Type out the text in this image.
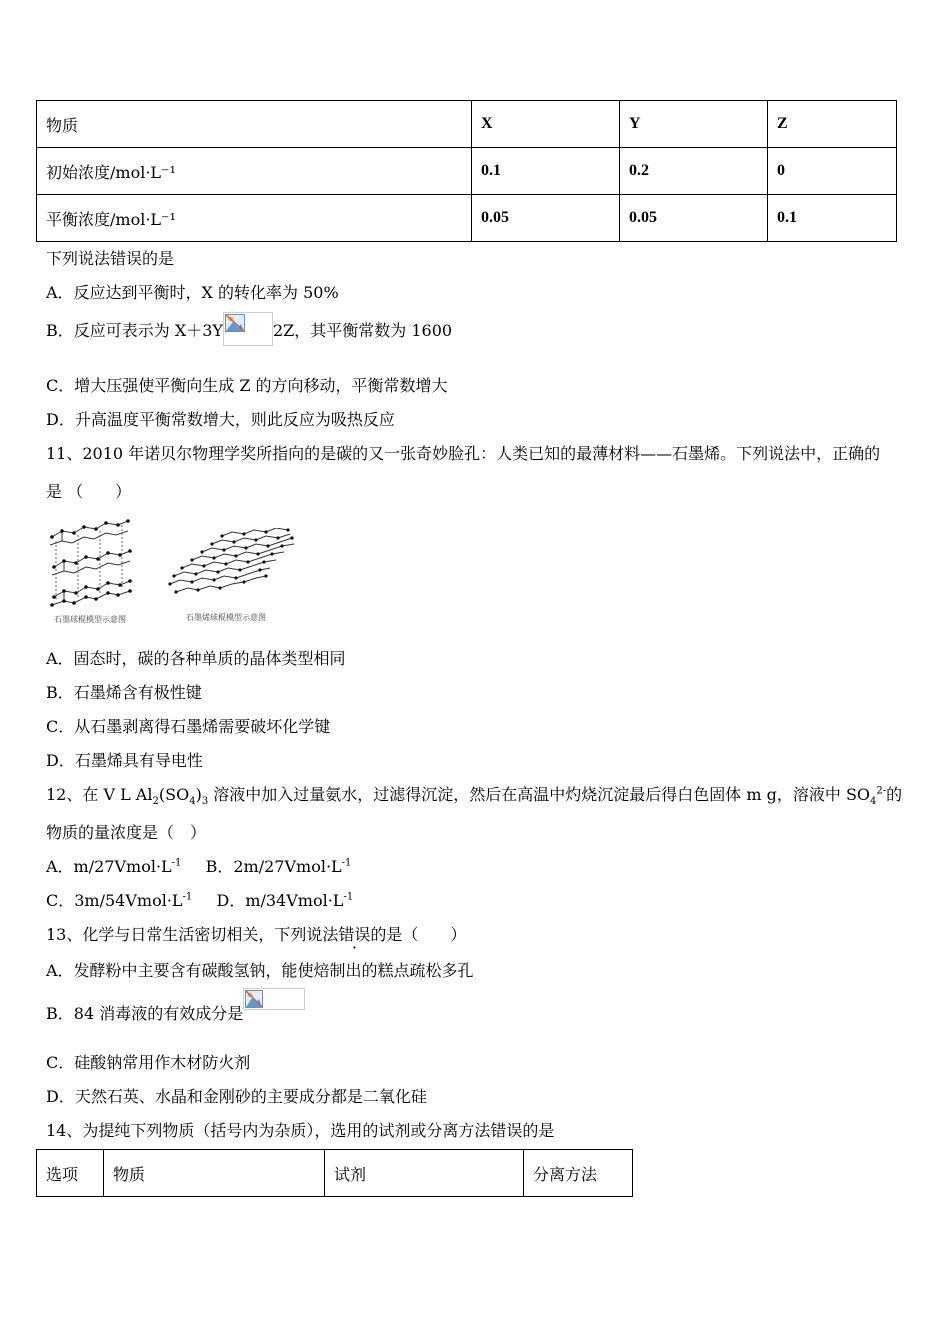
物质	X	Y	Z
初始浓度/mol·L⁻¹	0.1	0.2	0
平衡浓度/mol·L⁻¹	0.05	0.05	0.1
下列说法错误的是
A．反应达到平衡时，X 的转化率为 50%
B．反应可表示为 X＋3Y	2Z，其平衡常数为 1600
C．增大压强使平衡向生成 Z 的方向移动，平衡常数增大
D．升高温度平衡常数增大，则此反应为吸热反应
11、2010 年诺贝尔物理学奖所指向的是碳的又一张奇妙脸孔：人类已知的最薄材料——石墨烯。下列说法中，正确的
是 （　　）
石墨球棍模型示意图	石墨烯球棍模型示意图
A．固态时，碳的各种单质的晶体类型相同
B．石墨烯含有极性键
C．从石墨剥离得石墨烯需要破坏化学键
D．石墨烯具有导电性
12、在 V L $Al_2(SO_4)_3$ 溶液中加入过量氨水，过滤得沉淀，然后在高温中灼烧沉淀最后得白色固体 m g，溶液中 $SO_4^{2-}$的
物质的量浓度是（　）
A．$m/27Vmol\cdot L^{-1}$ B．$2m/27Vmol\cdot L^{-1}$
C．$3m/54Vmol\cdot L^{-1}$ D．$m/34Vmol\cdot L^{-1}$
13、化学与日常生活密切相关，下列说法错误的是（　　）
A．发酵粉中主要含有碳酸氢钠，能使焙制出的糕点疏松多孔
B．84 消毒液的有效成分是
C．硅酸钠常用作木材防火剂
D．天然石英、水晶和金刚砂的主要成分都是二氧化硅
14、为提纯下列物质（括号内为杂质），选用的试剂或分离方法错误的是
选项	物质	试剂	分离方法
